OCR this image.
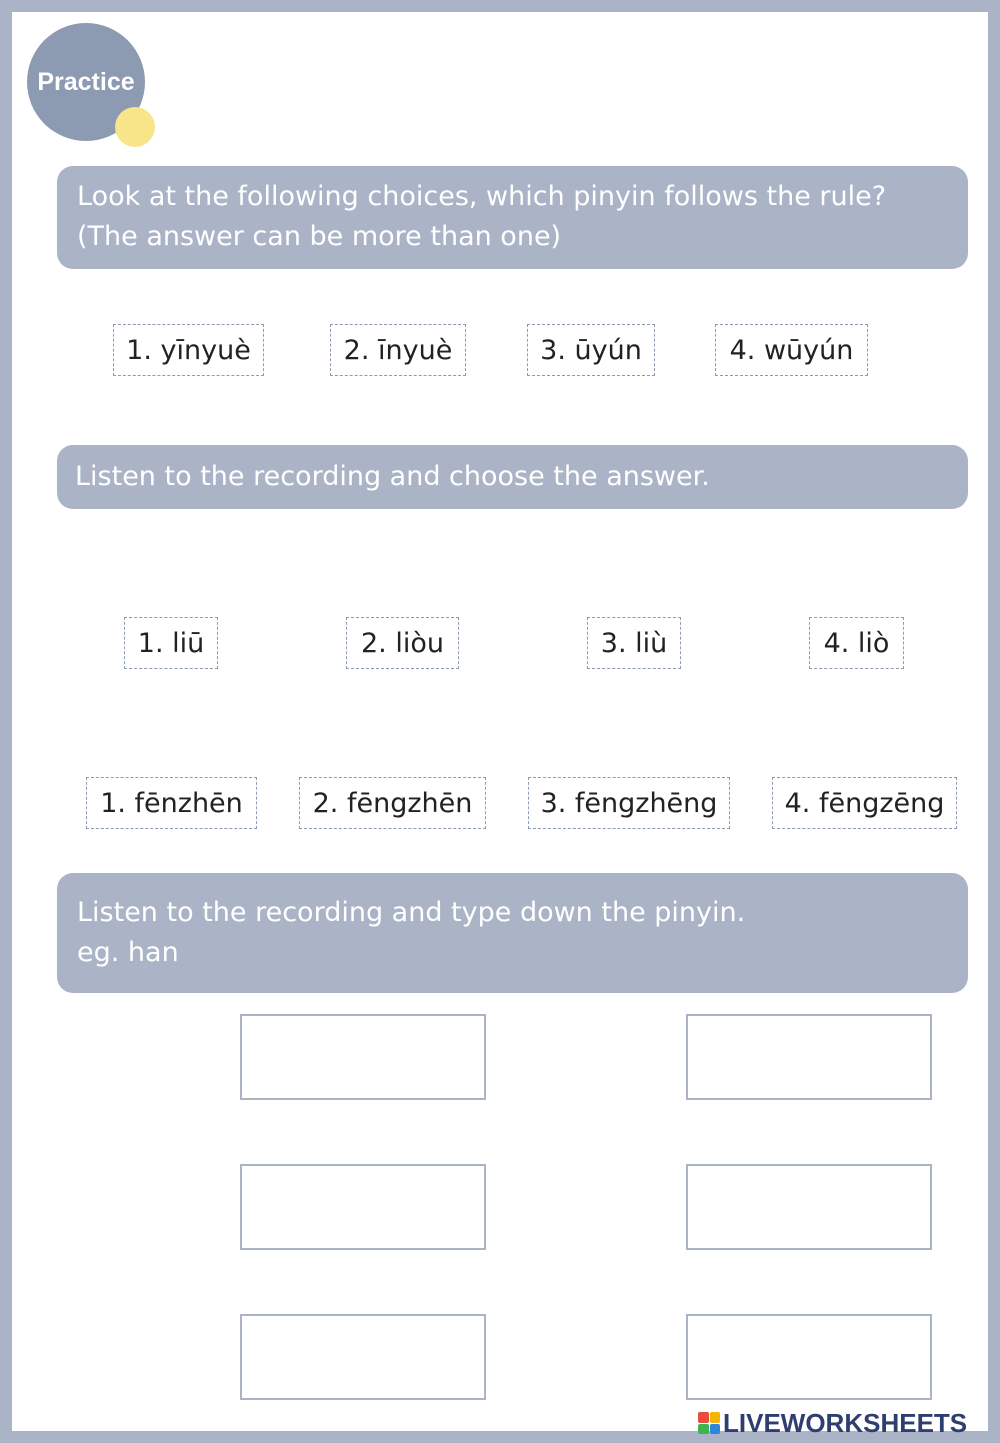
Practice
Look at the following choices, which pinyin follows the rule?
(The answer can be more than one)
1. yīnyuè	2. īnyuè	3. ūyún	4. wūyún
Listen to the recording and choose the answer.
1. liū	2. liòu	3. liù	4. liò
1. fēnzhēn	2. fēngzhēn	3. fēngzhēng 4. fēngzēng
Listen to the recording and type down the pinyin.
eg. han
LIVEWORKSHEETS
